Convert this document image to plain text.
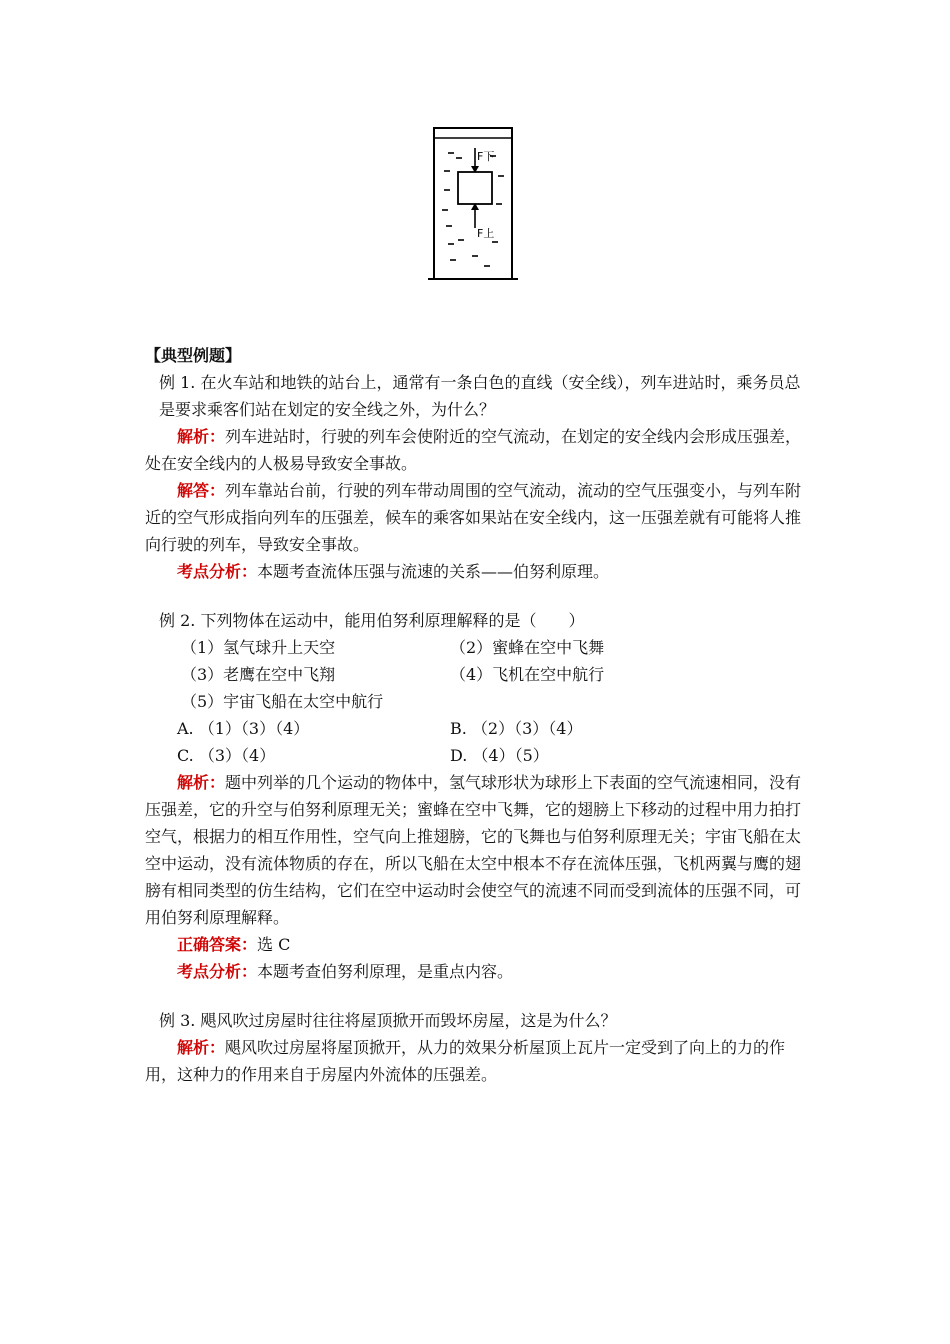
F下
F上

【典型例题】

例 1. 在火车站和地铁的站台上，通常有一条白色的直线（安全线），列车进站时，乘务员总是要求乘客们站在划定的安全线之外，为什么？

解析：列车进站时，行驶的列车会使附近的空气流动，在划定的安全线内会形成压强差，处在安全线内的人极易导致安全事故。

解答：列车靠站台前，行驶的列车带动周围的空气流动，流动的空气压强变小，与列车附近的空气形成指向列车的压强差，候车的乘客如果站在安全线内，这一压强差就有可能将人推向行驶的列车，导致安全事故。

考点分析：本题考查流体压强与流速的关系——伯努利原理。

例 2. 下列物体在运动中，能用伯努利原理解释的是（　　）

（1）氢气球升上天空	（2）蜜蜂在空中飞舞
（3）老鹰在空中飞翔	（4）飞机在空中航行
（5）宇宙飞船在太空中航行
A. （1）（3）（4）	B. （2）（3）（4）
C. （3）（4）	D. （4）（5）

解析：题中列举的几个运动的物体中，氢气球形状为球形上下表面的空气流速相同，没有压强差，它的升空与伯努利原理无关；蜜蜂在空中飞舞，它的翅膀上下移动的过程中用力拍打空气，根据力的相互作用性，空气向上推翅膀，它的飞舞也与伯努利原理无关；宇宙飞船在太空中运动，没有流体物质的存在，所以飞船在太空中根本不存在流体压强，飞机两翼与鹰的翅膀有相同类型的仿生结构，它们在空中运动时会使空气的流速不同而受到流体的压强不同，可用伯努利原理解释。

正确答案：选 C

考点分析：本题考查伯努利原理，是重点内容。

例 3. 飓风吹过房屋时往往将屋顶掀开而毁坏房屋，这是为什么？

解析：飓风吹过房屋将屋顶掀开，从力的效果分析屋顶上瓦片一定受到了向上的力的作用，这种力的作用来自于房屋内外流体的压强差。
